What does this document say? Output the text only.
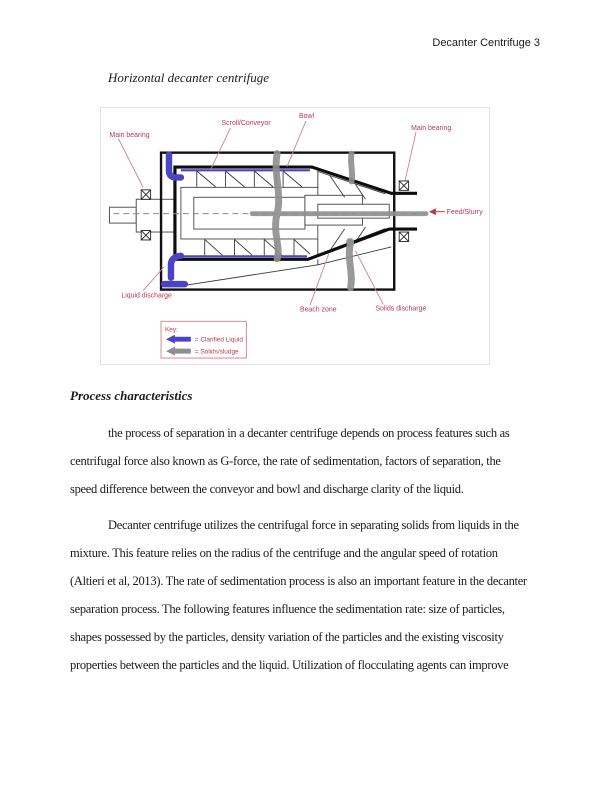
Decanter Centrifuge 3
Horizontal decanter centrifuge
Main bearing
Scroll/Conveyor
Bowl
Main bearing
Liquid discharge
Beach zone	Solids discharge
Feed/Slurry
Key:
= Clarified Liquid
= Solids/sludge
Process characteristics
the process of separation in a decanter centrifuge depends on process features such as
centrifugal force also known as G-force, the rate of sedimentation, factors of separation, the
speed difference between the conveyor and bowl and discharge clarity of the liquid.
Decanter centrifuge utilizes the centrifugal force in separating solids from liquids in the
mixture. This feature relies on the radius of the centrifuge and the angular speed of rotation
(Altieri et al, 2013). The rate of sedimentation process is also an important feature in the decanter
separation process. The following features influence the sedimentation rate: size of particles,
shapes possessed by the particles, density variation of the particles and the existing viscosity
properties between the particles and the liquid. Utilization of flocculating agents can improve
